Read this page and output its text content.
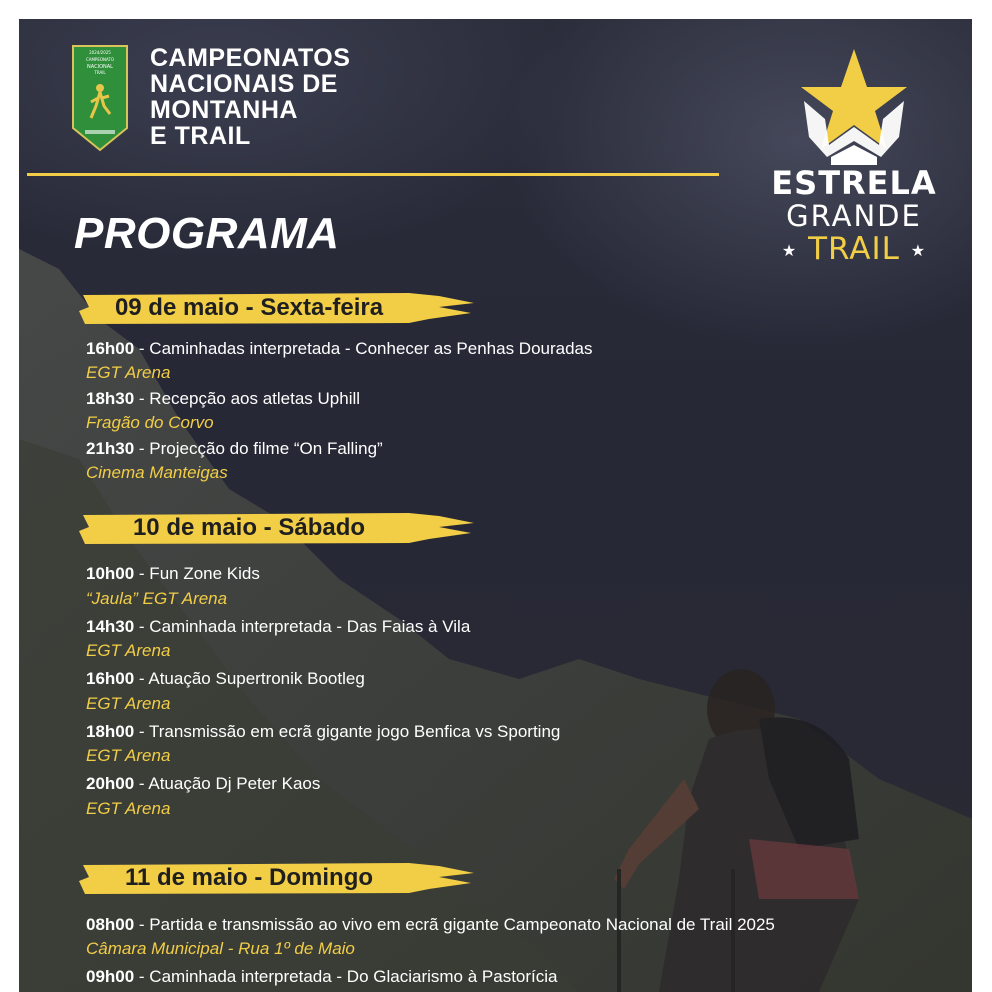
2024/2025
CAMPEONATO
NACIONAL
TRAIL
CAMPEONATOS
NACIONAIS DE
MONTANHA
E TRAIL
PROGRAMA
ESTRELA
GRANDE
★ TRAIL ★
09 de maio - Sexta-feira
16h00 - Caminhadas interpretada - Conhecer as Penhas Douradas
EGT Arena
18h30 - Recepção aos atletas Uphill
Fragão do Corvo
21h30 - Projecção do filme “On Falling”
Cinema Manteigas
10 de maio - Sábado
10h00 - Fun Zone Kids
“Jaula” EGT Arena
14h30 - Caminhada interpretada - Das Faias à Vila
EGT Arena
16h00 - Atuação Supertronik Bootleg
EGT Arena
18h00 - Transmissão em ecrã gigante jogo Benfica vs Sporting
EGT Arena
20h00 - Atuação Dj Peter Kaos
EGT Arena
11 de maio - Domingo
08h00 - Partida e transmissão ao vivo em ecrã gigante Campeonato Nacional de Trail 2025
Câmara Municipal - Rua 1º de Maio
09h00 - Caminhada interpretada - Do Glaciarismo à Pastorícia
